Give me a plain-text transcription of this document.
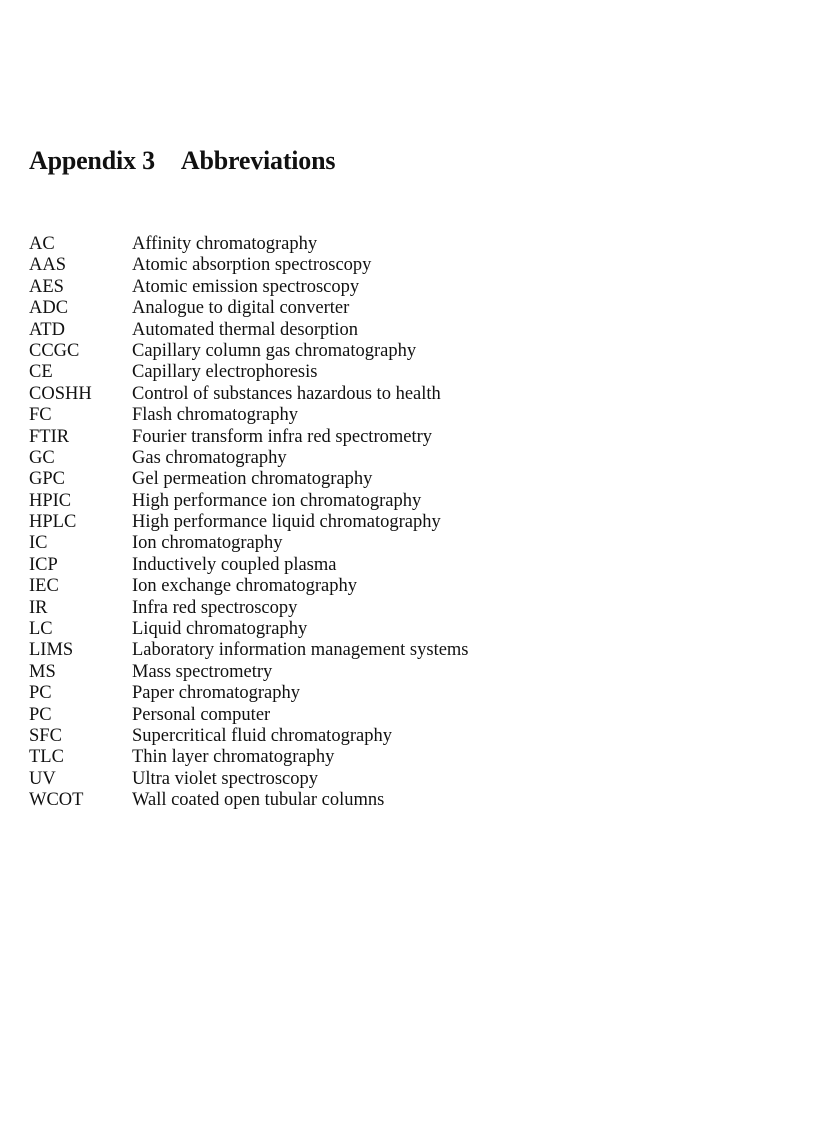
Appendix 3 Abbreviations
AC	Affinity chromatography
AAS	Atomic absorption spectroscopy
AES	Atomic emission spectroscopy
ADC	Analogue to digital converter
ATD	Automated thermal desorption
CCGC	Capillary column gas chromatography
CE	Capillary electrophoresis
COSHH	Control of substances hazardous to health
FC	Flash chromatography
FTIR	Fourier transform infra red spectrometry
GC	Gas chromatography
GPC	Gel permeation chromatography
HPIC	High performance ion chromatography
HPLC	High performance liquid chromatography
IC	Ion chromatography
ICP	Inductively coupled plasma
IEC	Ion exchange chromatography
IR	Infra red spectroscopy
LC	Liquid chromatography
LIMS	Laboratory information management systems
MS	Mass spectrometry
PC	Paper chromatography
PC	Personal computer
SFC	Supercritical fluid chromatography
TLC	Thin layer chromatography
UV	Ultra violet spectroscopy
WCOT	Wall coated open tubular columns
